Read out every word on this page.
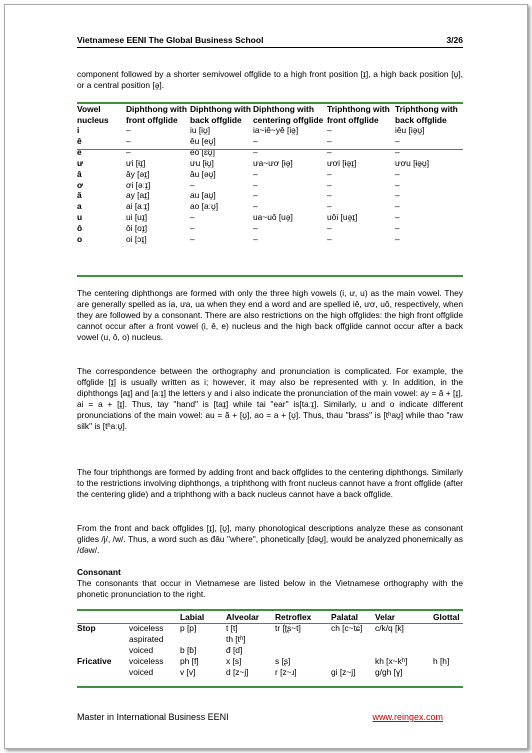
Vietnamese EENI The Global Business School	3/26
component followed by a shorter semivowel offglide to a high front position [ɪ̯], a high back position [ʊ̯], or a central position [ə̯].
Vowel nucleus	Diphthong with front offglide	Diphthong with back offglide	Diphthong with centering offglide	Triphthong with front offglide	Triphthong with back offglide
i	–	iu [iʊ̯]	ia~iê~yê [iə̯]	–	iêu [iə̯ʊ̯]
ê	–	êu [eʊ̯]	–	–	–
e	–	eo [ɛʊ̯]	–	–	–
ư	ưi [ɨɪ̯]	ưu [ɨʊ̯]	ưa~ươ [ɨə̯]	ươi [ɨə̯ɪ̯]	ươu [ɨə̯ʊ̯]
â	ây [əɪ̯]	âu [əʊ̯]	–	–	–
ơ	ơi [əːɪ̯]	–	–	–	–
ă	ay [aɪ̯]	au [aʊ̯]	–	–	–
a	ai [aːɪ̯]	ao [aːʊ̯]	–	–	–
u	ui [uɪ̯]	–	ua~uô [uə̯]	uôi [uə̯ɪ̯]	–
ô	ôi [oɪ̯]	–	–	–	–
o	oi [ɔɪ̯]	–	–	–	–
The centering diphthongs are formed with only the three high vowels (i, ư, u) as the main vowel. They are generally spelled as ia, ưa, ua when they end a word and are spelled iê, ươ, uô, respectively, when they are followed by a consonant. There are also restrictions on the high offglides: the high front offglide cannot occur after a front vowel (i, ê, e) nucleus and the high back offglide cannot occur after a back vowel (u, ô, o) nucleus.
The correspondence between the orthography and pronunciation is complicated. For example, the offglide [ɪ̯] is usually written as i; however, it may also be represented with y. In addition, in the diphthongs [aɪ̯] and [aːɪ̯] the letters y and i also indicate the pronunciation of the main vowel: ay = ă + [ɪ̯], ai = a + [ɪ̯]. Thus, tay "hand" is [taɪ̯] while tai "ear" is[taːɪ̯]. Similarly, u and o indicate different pronunciations of the main vowel: au = ă + [ʊ̯], ao = a + [ʊ̯]. Thus, thau "brass" is [tʰaʊ̯] while thao "raw silk" is [tʰaːʊ̯].
The four triphthongs are formed by adding front and back offglides to the centering diphthongs. Similarly to the restrictions involving diphthongs, a triphthong with front nucleus cannot have a front offglide (after the centering glide) and a triphthong with a back nucleus cannot have a back offglide.
From the front and back offglides [ɪ̯], [ʊ̯], many phonological descriptions analyze these as consonant glides /j/, /w/. Thus, a word such as đâu "where", phonetically [ɗəʊ̯], would be analyzed phonemically as /ɗəw/.
Consonant
The consonants that occur in Vietnamese are listed below in the Vietnamese orthography with the phonetic pronunciation to the right.
		Labial	Alveolar	Retroflex	Palatal	Velar	Glottal
Stop	voiceless	p [p]	t [t]	tr [ʈ͡ʂ~t]	ch [c~t͡ɕ]	c/k/q [k]	
	aspirated		th [tʰ]				
	voiced	b [ɓ]	đ [ɗ]				
Fricative	voiceless	ph [f]	x [s]	s [ʂ]		kh [x~kʰ]	h [h]
	voiced	v [v]	d [z~j]	r [z~ɹ]	gi [z~j]	g/gh [ɣ]	
Master in International Business EENI	www.reingex.com
